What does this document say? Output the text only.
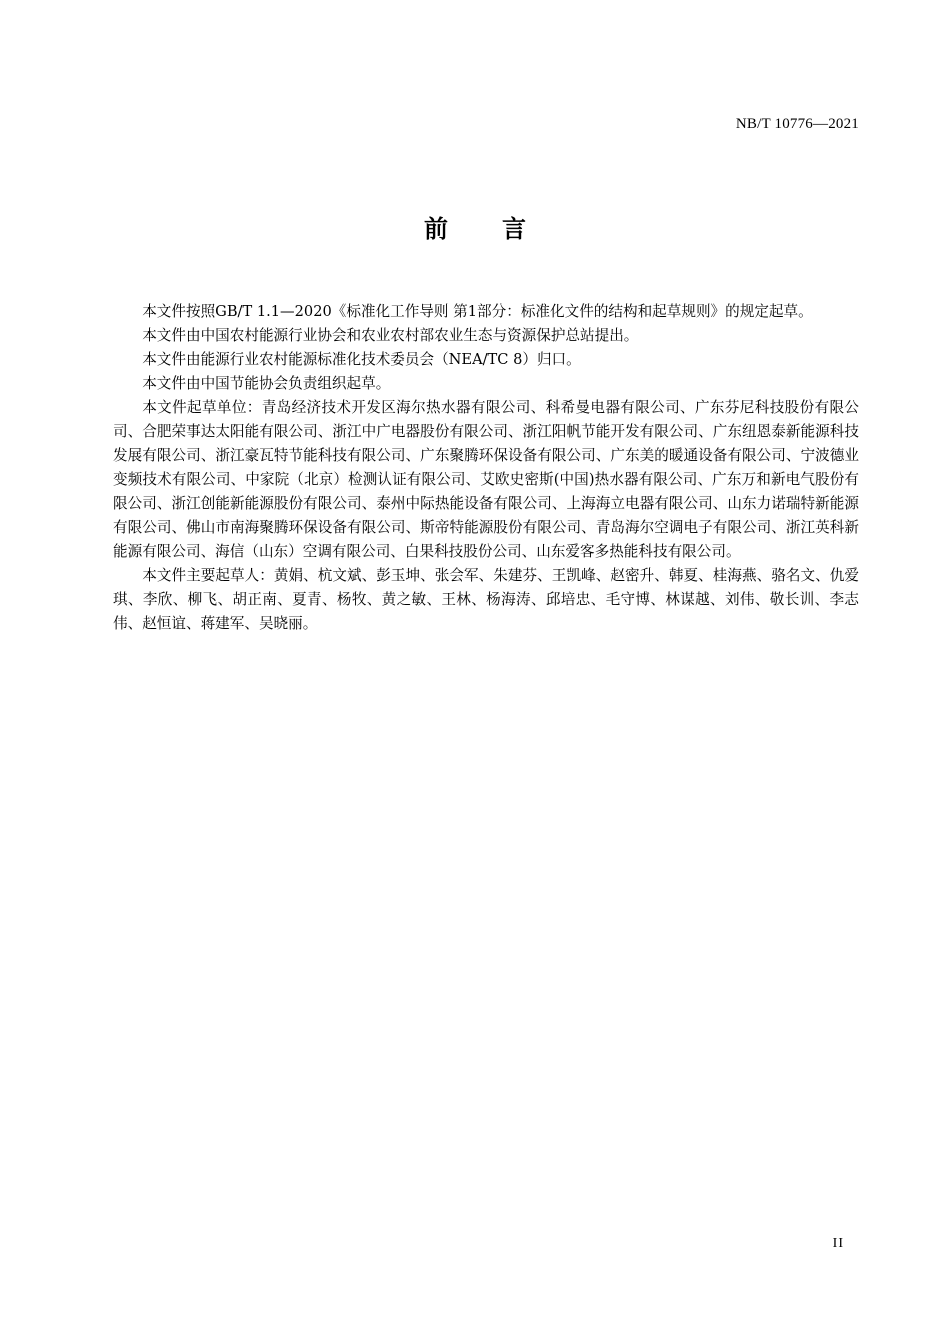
NB/T 10776—2021
前 言

本文件按照GB/T 1.1—2020《标准化工作导则 第1部分：标准化文件的结构和起草规则》的规定起草。

本文件由中国农村能源行业协会和农业农村部农业生态与资源保护总站提出。

本文件由能源行业农村能源标准化技术委员会（NEA/TC 8）归口。

本文件由中国节能协会负责组织起草。

本文件起草单位：青岛经济技术开发区海尔热水器有限公司、科希曼电器有限公司、广东芬尼科技股份有限公司、合肥荣事达太阳能有限公司、浙江中广电器股份有限公司、浙江阳帆节能开发有限公司、广东纽恩泰新能源科技发展有限公司、浙江豪瓦特节能科技有限公司、广东聚腾环保设备有限公司、广东美的暖通设备有限公司、宁波德业变频技术有限公司、中家院（北京）检测认证有限公司、艾欧史密斯(中国)热水器有限公司、广东万和新电气股份有限公司、浙江创能新能源股份有限公司、泰州中际热能设备有限公司、上海海立电器有限公司、山东力诺瑞特新能源有限公司、佛山市南海聚腾环保设备有限公司、斯帝特能源股份有限公司、青岛海尔空调电子有限公司、浙江英科新能源有限公司、海信（山东）空调有限公司、白果科技股份公司、山东爱客多热能科技有限公司。

本文件主要起草人：黄娟、杭文斌、彭玉坤、张会军、朱建芬、王凯峰、赵密升、韩夏、桂海燕、骆名文、仇爱琪、李欣、柳飞、胡正南、夏青、杨牧、黄之敏、王林、杨海涛、邱培忠、毛守博、林谋越、刘伟、敬长训、李志伟、赵恒谊、蒋建军、吴晓丽。

II
